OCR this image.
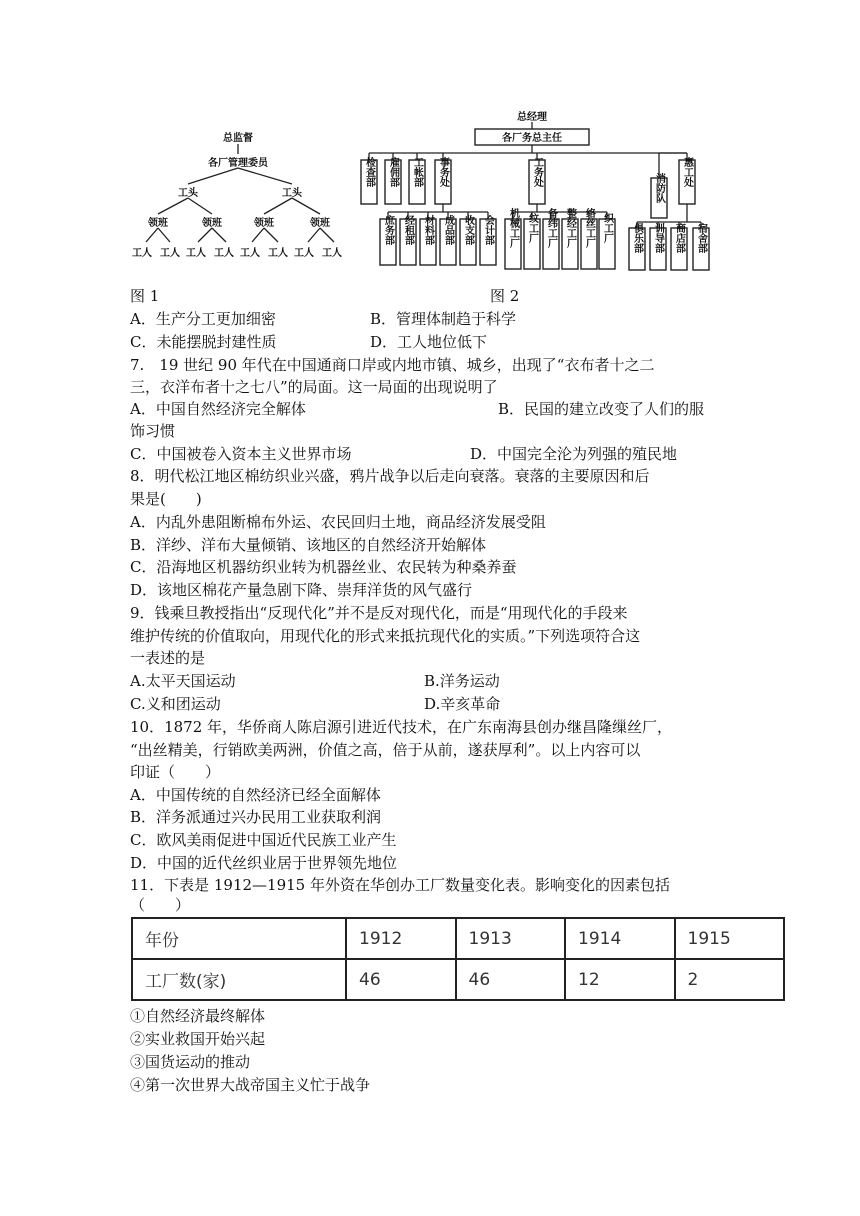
总监督
各厂管理委员
工头	工头
领班	领班	领班	领班
工人 工人 工人 工人 工人 工人 工人 工人
总经理
各厂务总主任
检查部 雇佣部 工帐部 事务处	工务处	惠工处
消防队
庶务部 经租部 材料部 成品部 收支部 会计部 机械工厂 纹工厂 备纬工厂 整经工厂 络丝工厂 织工厂 俱乐部 训导部 商店部 宿舍部
图 1	图 2
A．生产分工更加细密	B．管理体制趋于科学
C．未能摆脱封建性质	D．工人地位低下
7.　19 世纪 90 年代在中国通商口岸或内地市镇、城乡，出现了“衣布者十之二
三，衣洋布者十之七八”的局面。这一局面的出现说明了
A．中国自然经济完全解体	B．民国的建立改变了人们的服
饰习惯
C．中国被卷入资本主义世界市场	D．中国完全沦为列强的殖民地
8．明代松江地区棉纺织业兴盛，鸦片战争以后走向衰落。衰落的主要原因和后
果是(　　)
A．内乱外患阻断棉布外运、农民回归土地，商品经济发展受阻
B．洋纱、洋布大量倾销、该地区的自然经济开始解体
C．沿海地区机器纺织业转为机器丝业、农民转为种桑养蚕
D．该地区棉花产量急剧下降、崇拜洋货的风气盛行
9．钱乘旦教授指出“反现代化”并不是反对现代化，而是“用现代化的手段来
维护传统的价值取向，用现代化的形式来抵抗现代化的实质。”下列选项符合这
一表述的是
A.太平天国运动	B.洋务运动
C.义和团运动	D.辛亥革命
10．1872 年，华侨商人陈启源引进近代技术，在广东南海县创办继昌隆缫丝厂，
“出丝精美，行销欧美两洲，价值之高，倍于从前，遂获厚利”。以上内容可以
印证（　　）
A．中国传统的自然经济已经全面解体
B．洋务派通过兴办民用工业获取利润
C．欧风美雨促进中国近代民族工业产生
D．中国的近代丝织业居于世界领先地位
11．下表是 1912—1915 年外资在华创办工厂数量变化表。影响变化的因素包括
（　　）
年份	1912	1913	1914	1915
工厂数(家)	46	46	12	2
①自然经济最终解体
②实业救国开始兴起
③国货运动的推动
④第一次世界大战帝国主义忙于战争
